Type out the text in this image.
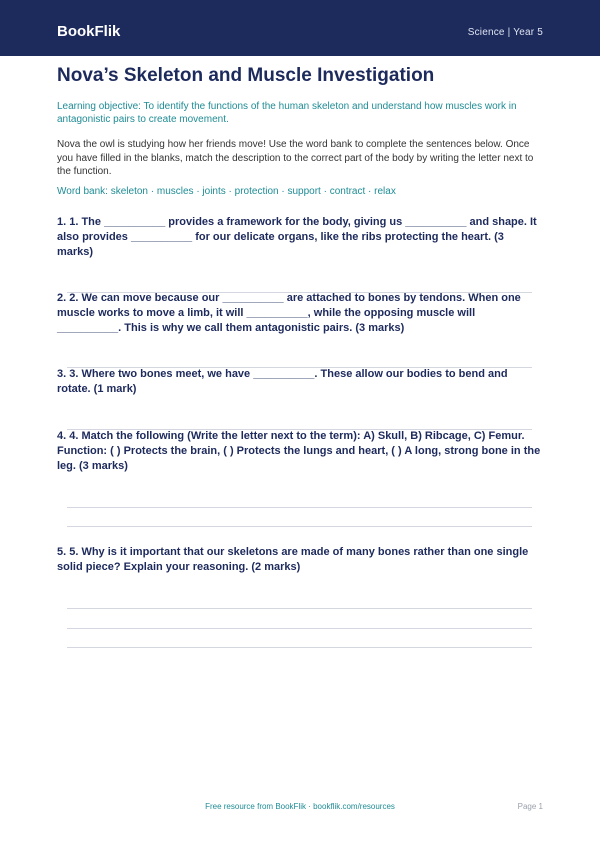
BookFlik	Science | Year 5
Nova’s Skeleton and Muscle Investigation

Learning objective: To identify the functions of the human skeleton and understand how muscles work in antagonistic pairs to create movement.

Nova the owl is studying how her friends move! Use the word bank to complete the sentences below. Once you have filled in the blanks, match the description to the correct part of the body by writing the letter next to the function.

Word bank: skeleton · muscles · joints · protection · support · contract · relax

1. 1. The __________ provides a framework for the body, giving us __________ and shape. It also provides __________ for our delicate organs, like the ribs protecting the heart. (3 marks)

2. 2. We can move because our __________ are attached to bones by tendons. When one muscle works to move a limb, it will __________, while the opposing muscle will __________. This is why we call them antagonistic pairs. (3 marks)

3. 3. Where two bones meet, we have __________. These allow our bodies to bend and rotate. (1 mark)

4. 4. Match the following (Write the letter next to the term): A) Skull, B) Ribcage, C) Femur. Function: ( ) Protects the brain, ( ) Protects the lungs and heart, ( ) A long, strong bone in the leg. (3 marks)

5. 5. Why is it important that our skeletons are made of many bones rather than one single solid piece? Explain your reasoning. (2 marks)

Free resource from BookFlik · bookflik.com/resources	Page 1
